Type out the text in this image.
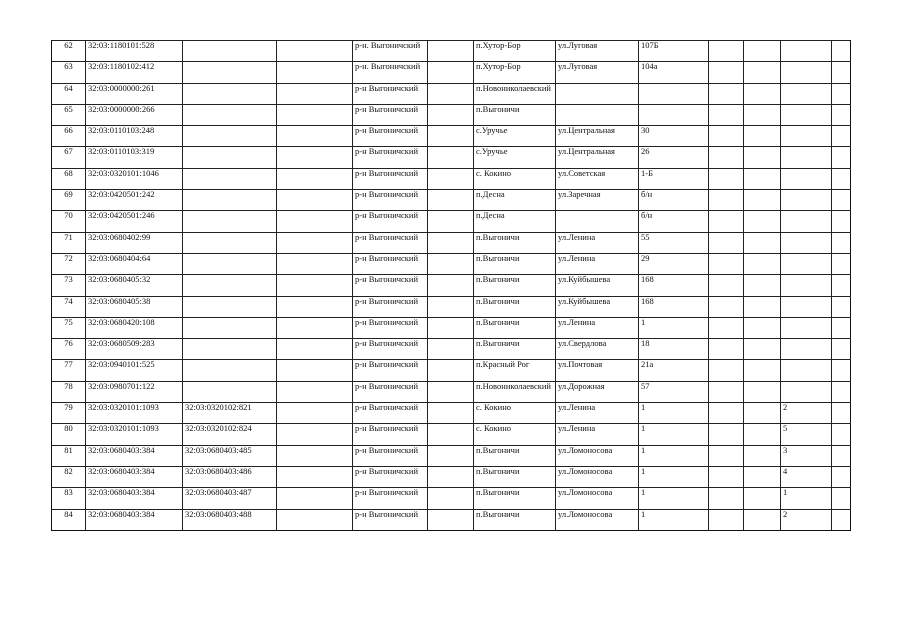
62	32:03:1180101:528			р-н. Выгоничский		п.Хутор-Бор	ул.Луговая	107Б				
63	32:03:1180102:412			р-н. Выгоничский		п.Хутор-Бор	ул.Луговая	104а				
64	32:03:0000000:261			р-н Выгоничский		п.Новониколаевский						
65	32:03:0000000:266			р-н Выгоничский		п.Выгоничи						
66	32:03:0110103:248			р-н Выгоничский		с.Уручье	ул.Центральная	30				
67	32:03:0110103:319			р-н Выгоничский		с.Уручье	ул.Центральная	26				
68	32:03:0320101:1046			р-н Выгоничский		с. Кокино	ул.Советская	1-Б				
69	32:03:0420501:242			р-н Выгоничский		п.Десна	ул.Заречная	б/н				
70	32:03:0420501:246			р-н Выгоничский		п.Десна		б/н				
71	32:03:0680402:99			р-н Выгоничский		п.Выгоничи	ул.Ленина	55				
72	32:03:0680404:64			р-н Выгоничский		п.Выгоничи	ул.Ленина	29				
73	32:03:0680405:32			р-н Выгоничский		п.Выгоничи	ул.Куйбышева	168				
74	32:03:0680405:38			р-н Выгоничский		п.Выгоничи	ул.Куйбышева	168				
75	32:03:0680420:108			р-н Выгоничский		п.Выгоничи	ул.Ленина	1				
76	32:03:0680509:283			р-н Выгоничский		п.Выгоничи	ул.Свердлова	18				
77	32:03:0940101:525			р-н Выгоничский		п.Красный Рог	ул.Почтовая	21а				
78	32:03:0980701:122			р-н Выгоничский		п.Новониколаевский	ул.Дорожная	57				
79	32:03:0320101:1093	32:03:0320102:821		р-н Выгоничский		с. Кокино	ул.Ленина	1			2	
80	32:03:0320101:1093	32:03:0320102:824		р-н Выгоничский		с. Кокино	ул.Ленина	1			5	
81	32:03:0680403:384	32:03:0680403:485		р-н Выгоничский		п.Выгоничи	ул.Ломоносова	1			3	
82	32:03:0680403:384	32:03:0680403:486		р-н Выгоничский		п.Выгоничи	ул.Ломоносова	1			4	
83	32:03:0680403:384	32:03:0680403:487		р-н Выгоничский		п.Выгоничи	ул.Ломоносова	1			1	
84	32:03:0680403:384	32:03:0680403:488		р-н Выгоничский		п.Выгоничи	ул.Ломоносова	1			2	
